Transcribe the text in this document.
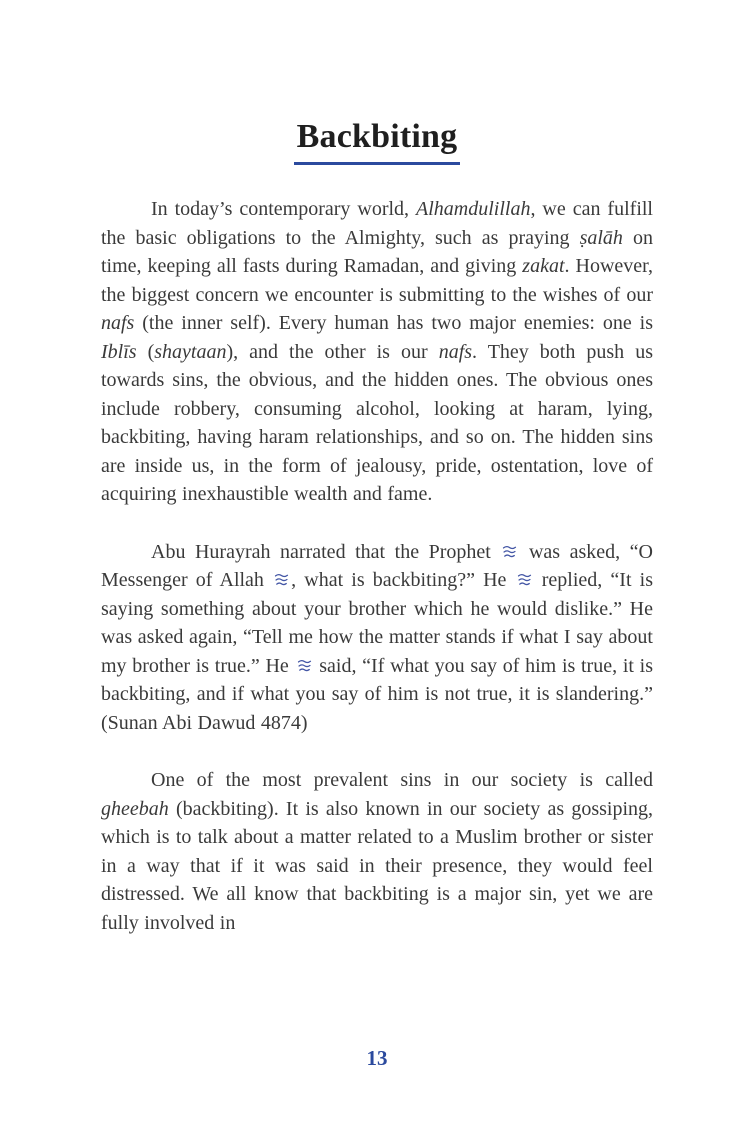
Backbiting

In today’s contemporary world, Alhamdulillah, we can fulfill the basic obligations to the Almighty, such as praying ṣalāh on time, keeping all fasts during Ramadan, and giving zakat. However, the biggest concern we encounter is submitting to the wishes of our nafs (the inner self). Every human has two major enemies: one is Iblīs (shaytaan), and the other is our nafs. They both push us towards sins, the obvious, and the hidden ones. The obvious ones include robbery, consuming alcohol, looking at haram, lying, backbiting, having haram relationships, and so on. The hidden sins are inside us, in the form of jealousy, pride, ostentation, love of acquiring inexhaustible wealth and fame.

Abu Hurayrah narrated that the Prophet
was asked, “O Messenger of Allah
, what is backbiting?” He
replied, “It is saying something about your brother which he would dislike.” He was asked again, “Tell me how the matter stands if what I say about my brother is true.” He
said, “If what you say of him is true, it is backbiting, and if what you say of him is not true, it is slandering.” (Sunan Abi Dawud 4874)

One of the most prevalent sins in our society is called gheebah (backbiting). It is also known in our society as gossiping, which is to talk about a matter related to a Muslim brother or sister in a way that if it was said in their presence, they would feel distressed. We all know that backbiting is a major sin, yet we are fully involved in

13
